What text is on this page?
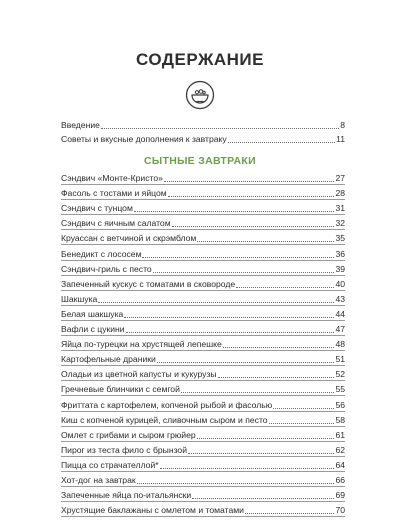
СОДЕРЖАНИЕ
Введение	8
Советы и вкусные дополнения к завтраку	11
СЫТНЫЕ ЗАВТРАКИ
Сэндвич «Монте-Кристо»	27
Фасоль с тостами и яйцом	28
Сэндвич с тунцом	31
Сэндвич с яичным салатом	32
Круассан с ветчиной и скрэмблом	35
Бенедикт с лососем	36
Сэндвич-гриль с песто	39
Запеченный кускус с томатами в сковороде	40
Шакшука	43
Белая шакшука	44
Вафли с цукини	47
Яйца по-турецки на хрустящей лепешке	48
Картофельные драники	51
Оладьи из цветной капусты и кукурузы	52
Гречневые блинчики с семгой	55
Фриттата с картофелем, копченой рыбой и фасолью	56
Киш с копченой курицей, сливочным сыром и песто	58
Омлет с грибами и сыром грюйер	61
Пирог из теста фило с брынзой	62
Пицца со страчателлой*	64
Хот-дог на завтрак	66
Запеченные яйца по-итальянски	69
Хрустящие баклажаны с омлетом и томатами	70
